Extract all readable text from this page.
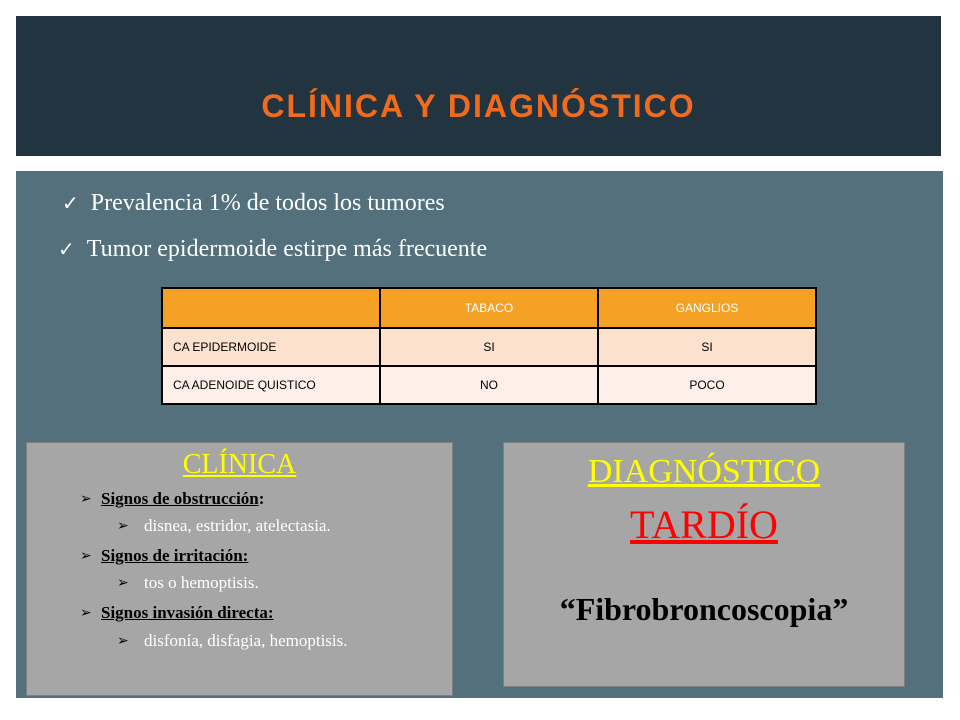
CLÍNICA Y DIAGNÓSTICO
✓ Prevalencia 1% de todos los tumores
✓ Tumor epidermoide estirpe más frecuente
	TABACO	GANGLIOS
CA EPIDERMOIDE	SI	SI
CA ADENOIDE QUISTICO	NO	POCO
CLÍNICA
➢ Signos de obstrucción:
➢ disnea, estridor, atelectasia.
➢ Signos de irritación:
➢ tos o hemoptisis.
➢ Signos invasión directa:
➢ disfonía, disfagia, hemoptisis.
DIAGNÓSTICO
TARDÍO
“Fibrobroncoscopia”
